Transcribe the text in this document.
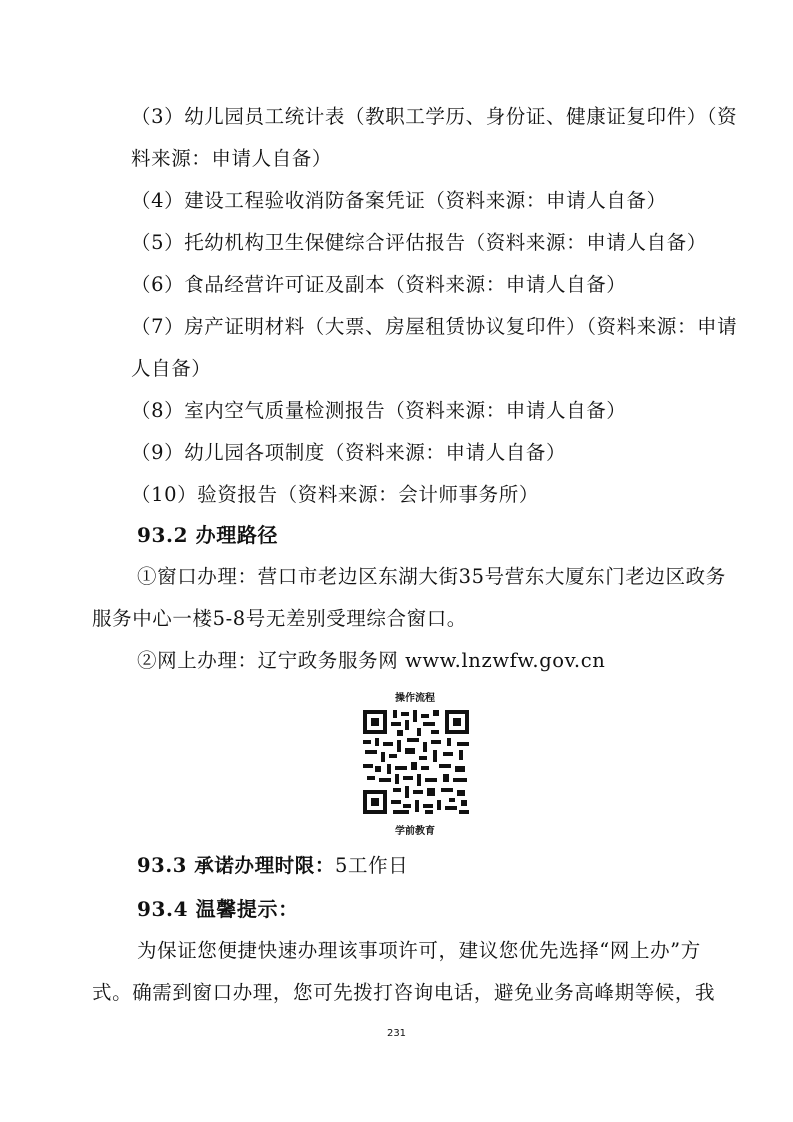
（3）幼儿园员工统计表（教职工学历、身份证、健康证复印件）（资
料来源：申请人自备）
（4）建设工程验收消防备案凭证（资料来源：申请人自备）
（5）托幼机构卫生保健综合评估报告（资料来源：申请人自备）
（6）食品经营许可证及副本（资料来源：申请人自备）
（7）房产证明材料（大票、房屋租赁协议复印件）（资料来源：申请
人自备）
（8）室内空气质量检测报告（资料来源：申请人自备）
（9）幼儿园各项制度（资料来源：申请人自备）
（10）验资报告（资料来源：会计师事务所）
93.2 办理路径
①窗口办理：营口市老边区东湖大街35号营东大厦东门老边区政务
服务中心一楼5-8号无差别受理综合窗口。
②网上办理：辽宁政务服务网 www.lnzwfw.gov.cn
操作流程
学前教育
93.3 承诺办理时限：5工作日
93.4 温馨提示：
为保证您便捷快速办理该事项许可，建议您优先选择“网上办”方
式。确需到窗口办理，您可先拨打咨询电话，避免业务高峰期等候，我
231
